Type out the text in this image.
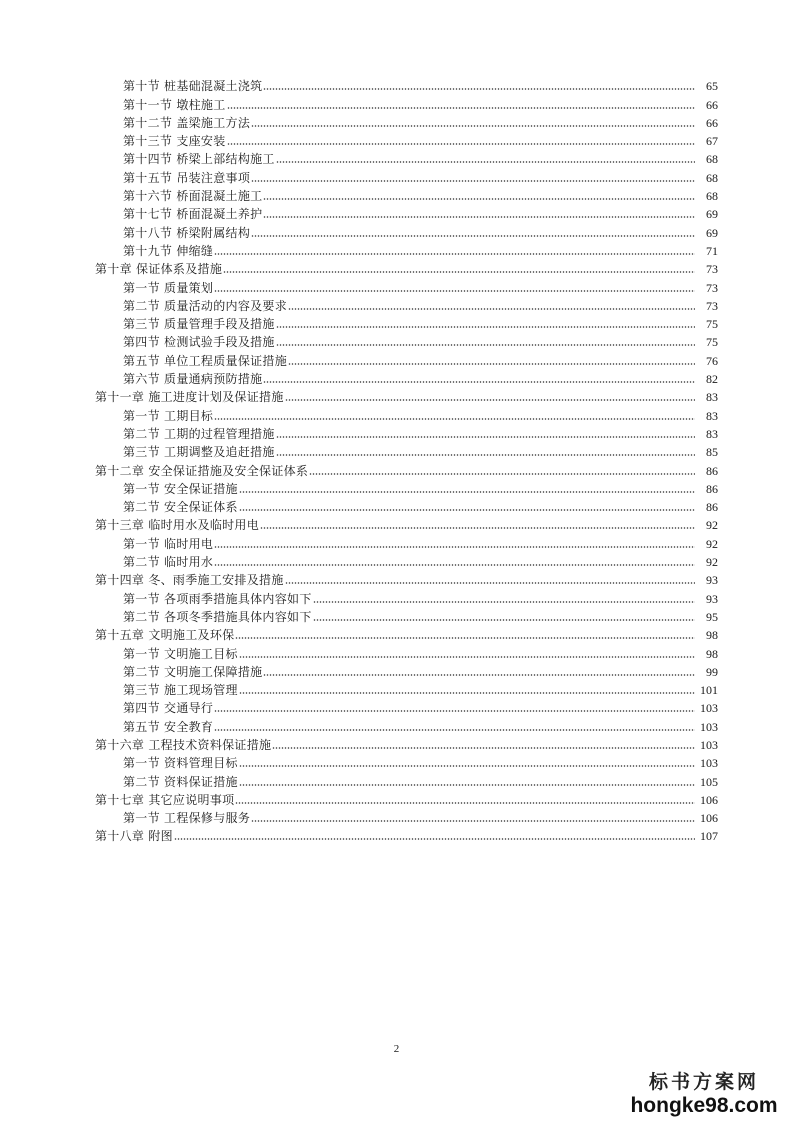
第十节 桩基础混凝土浇筑	65
第十一节 墩柱施工	66
第十二节 盖梁施工方法	66
第十三节 支座安装	67
第十四节 桥梁上部结构施工	68
第十五节 吊装注意事项	68
第十六节 桥面混凝土施工	68
第十七节 桥面混凝土养护	69
第十八节 桥梁附属结构	69
第十九节 伸缩缝	71
第十章 保证体系及措施	73
第一节 质量策划	73
第二节 质量活动的内容及要求	73
第三节 质量管理手段及措施	75
第四节 检测试验手段及措施	75
第五节 单位工程质量保证措施	76
第六节 质量通病预防措施	82
第十一章 施工进度计划及保证措施	83
第一节 工期目标	83
第二节 工期的过程管理措施	83
第三节 工期调整及追赶措施	85
第十二章 安全保证措施及安全保证体系	86
第一节 安全保证措施	86
第二节 安全保证体系	86
第十三章 临时用水及临时用电	92
第一节 临时用电	92
第二节 临时用水	92
第十四章 冬、雨季施工安排及措施	93
第一节 各项雨季措施具体内容如下	93
第二节 各项冬季措施具体内容如下	95
第十五章 文明施工及环保	98
第一节 文明施工目标	98
第二节 文明施工保障措施	99
第三节 施工现场管理	101
第四节 交通导行	103
第五节 安全教育	103
第十六章 工程技术资料保证措施	103
第一节 资料管理目标	103
第二节 资料保证措施	105
第十七章 其它应说明事项	106
第一节 工程保修与服务	106
第十八章 附图	107
2
标书方案网
hongke98.com
